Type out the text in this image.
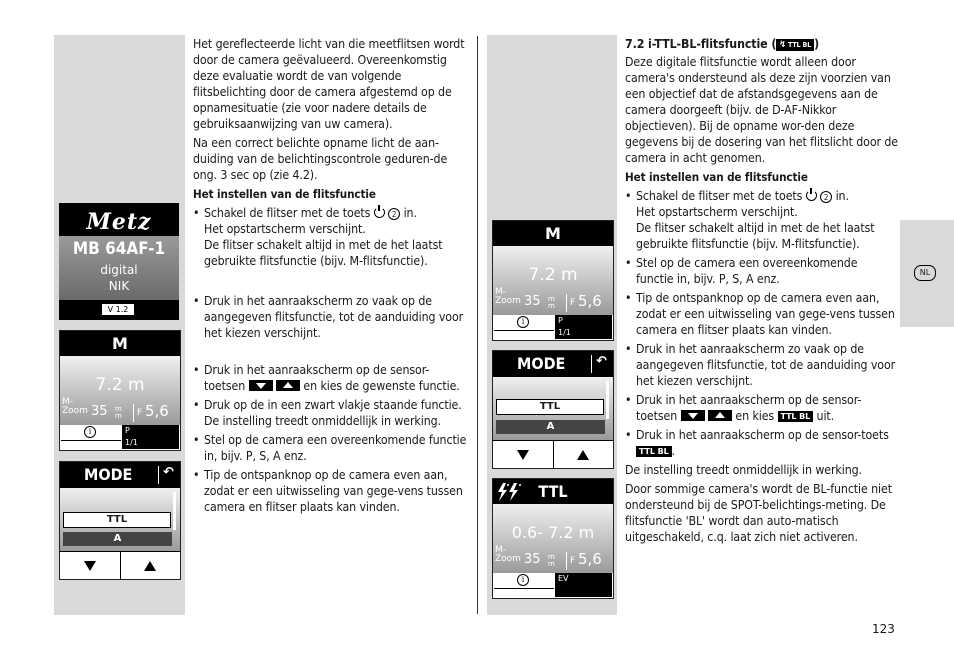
NL
Metz
MB 64AF-1
digital
NIK
V 1.2
M
7.2 m
M-
Zoom 35 m
m F 5,6
i	P
1/1
MODE ↶
TTL
A
M
7.2 m
M-
Zoom 35 m
m F 5,6
i	P
1/1
MODE ↶
TTL
A
TTL
0.6- 7.2 m
M-
Zoom 35 m
m F 5,6
i	EV

Het gereflecteerde licht van die meetflitsen wordt door de camera geëvalueerd. Overeenkomstig deze evaluatie wordt de van volgende flitsbelichting door de camera afgestemd op de opnamesituatie (zie voor nadere details de gebruiksaanwijzing van uw camera).

Na een correct belichte opname licht de aan-duiding van de belichtingscontrole geduren-de ong. 3 sec op (zie 4.2).

Het instellen van de flitsfunctie
• Schakel de flitser met de toets	2 in.
Het opstartscherm verschijnt.
De flitser schakelt altijd in met de het laatst gebruikte flitsfunctie (bijv. M-flitsfunctie).
• Druk in het aanraakscherm zo vaak op de aangegeven flitsfunctie, tot de aanduiding voor het kiezen verschijnt.
• Druk in het aanraakscherm op de sensor-toetsen	en kies de gewenste functie.
• Druk op de in een zwart vlakje staande functie. De instelling treedt onmiddellijk in werking.
• Stel op de camera een overeenkomende functie in, bijv. P, S, A enz.
• Tip de ontspanknop op de camera even aan, zodat er een uitwisseling van gege-vens tussen camera en flitser plaats kan vinden.
7.2 i-TTL-BL-flitsfunctie ( ↯ TTL BL )

Deze digitale flitsfunctie wordt alleen door camera's ondersteund als deze zijn voorzien van een objectief dat de afstandsgegevens aan de camera doorgeeft (bijv. de D-AF-Nikkor objectieven). Bij de opname wor-den deze gegevens bij de dosering van het flitslicht door de camera in acht genomen.

Het instellen van de flitsfunctie
• Schakel de flitser met de toets	2 in.
Het opstartscherm verschijnt.
De flitser schakelt altijd in met de het laatst gebruikte flitsfunctie (bijv. M-flitsfunctie).
• Stel op de camera een overeenkomende functie in, bijv. P, S, A enz.
• Tip de ontspanknop op de camera even aan, zodat er een uitwisseling van gege-vens tussen camera en flitser plaats kan vinden.
• Druk in het aanraakscherm zo vaak op de aangegeven flitsfunctie, tot de aanduiding voor het kiezen verschijnt.
• Druk in het aanraakscherm op de sensor-toetsen	en kies TTL BL uit.
• Druk in het aanraakscherm op de sensor-toets TTL BL .

De instelling treedt onmiddellijk in werking.

Door sommige camera's wordt de BL-functie niet ondersteund bij de SPOT-belichtings-meting. De flitsfunctie 'BL' wordt dan auto-matisch uitgeschakeld, c.q. laat zich niet activeren.

123
